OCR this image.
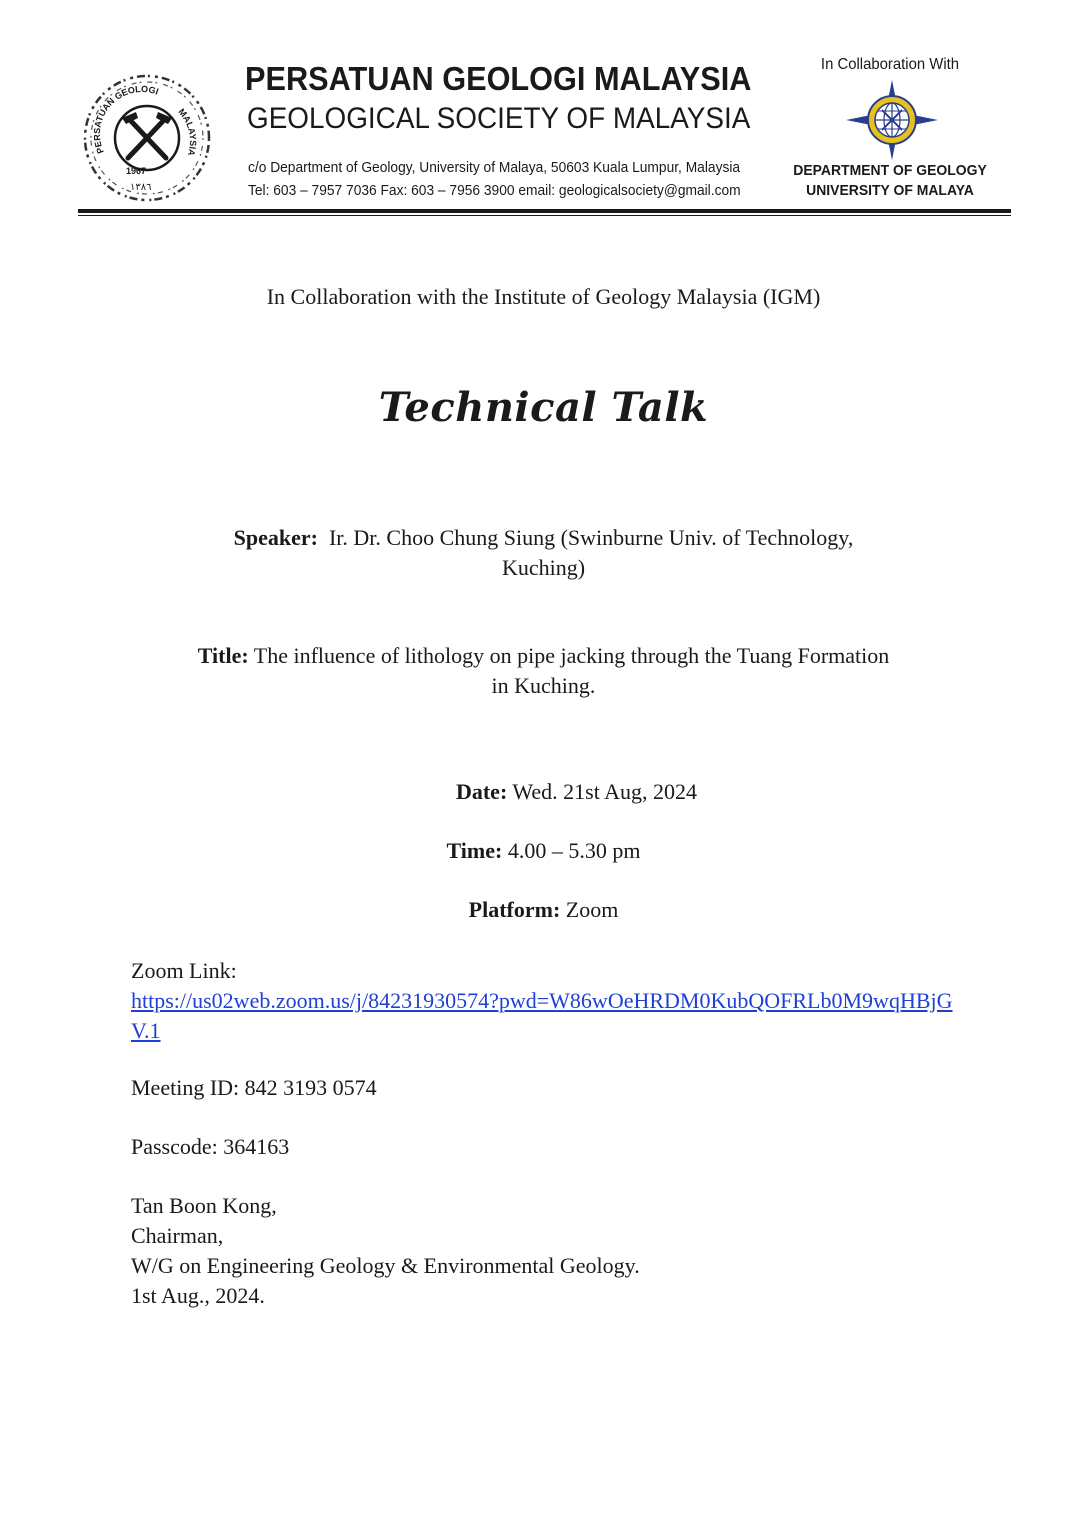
PERSATUAN GEOLOGI
MALAYSIA
1967
١٣٨٦
PERSATUAN GEOLOGI MALAYSIA
GEOLOGICAL SOCIETY OF MALAYSIA
c/o Department of Geology, University of Malaya, 50603 Kuala Lumpur, Malaysia
Tel: 603 – 7957 7036 Fax: 603 – 7956 3900 email: geologicalsociety@gmail.com
In Collaboration With
DEPARTMENT OF GEOLOGY
UNIVERSITY OF MALAYA
In Collaboration with the Institute of Geology Malaysia (IGM)
Technical Talk
Speaker: Ir. Dr. Choo Chung Siung (Swinburne Univ. of Technology,
Kuching)
Title: The influence of lithology on pipe jacking through the Tuang Formation
in Kuching.
Date: Wed. 21st Aug, 2024
Time: 4.00 – 5.30 pm
Platform: Zoom
Zoom Link:
https://us02web.zoom.us/j/84231930574?pwd=W86wOeHRDM0KubQOFRLb0M9wqHBjGV.1
Meeting ID: 842 3193 0574
Passcode: 364163
Tan Boon Kong,
Chairman,
W/G on Engineering Geology & Environmental Geology.
1st Aug., 2024.
